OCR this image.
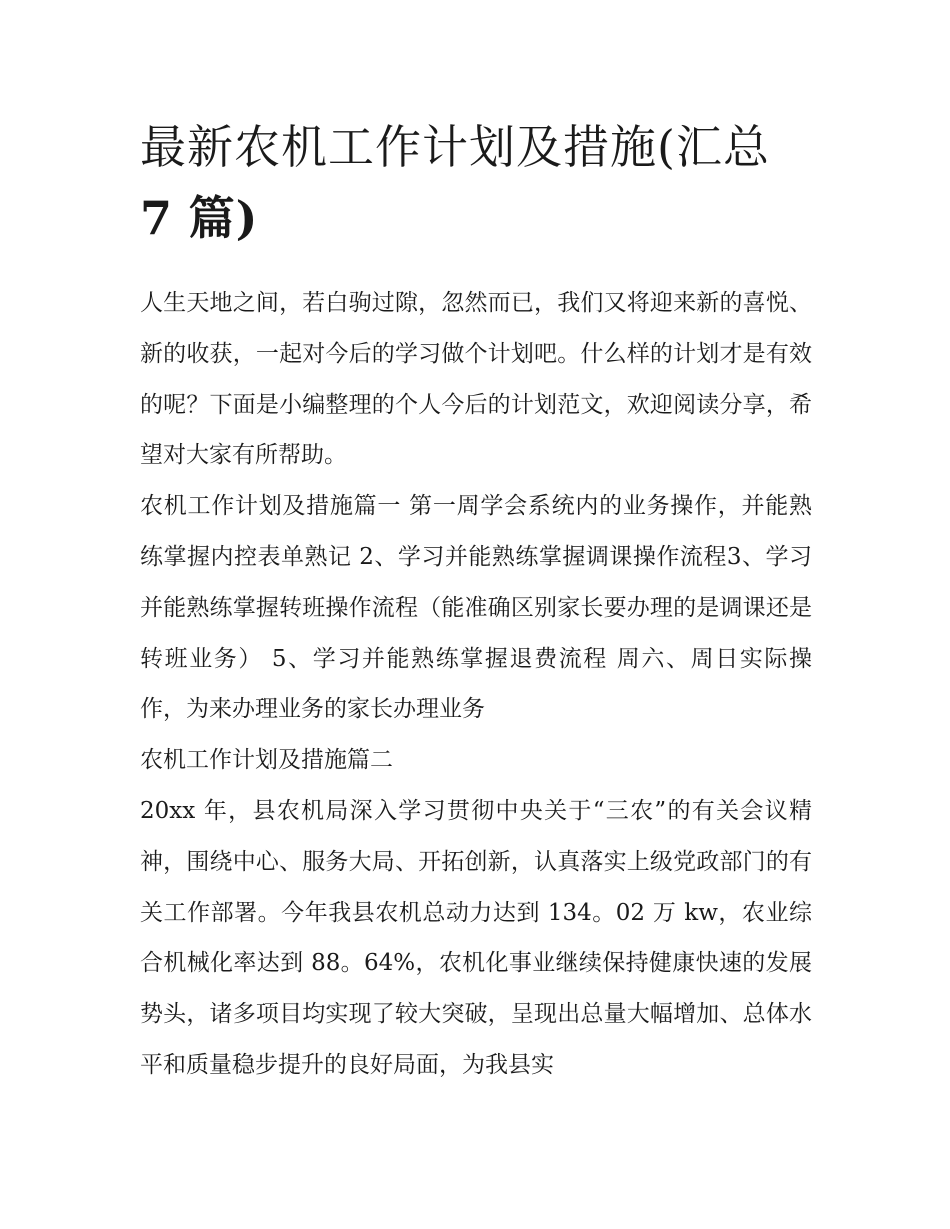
最新农机工作计划及措施(汇总
7 篇)

人生天地之间，若白驹过隙，忽然而已，我们又将迎来新的喜悦、新的收获，一起对今后的学习做个计划吧。什么样的计划才是有效的呢？下面是小编整理的个人今后的计划范文，欢迎阅读分享，希望对大家有所帮助。

农机工作计划及措施篇一 第一周学会系统内的业务操作，并能熟练掌握内控表单熟记 2、学习并能熟练掌握调课操作流程3、学习并能熟练掌握转班操作流程（能准确区别家长要办理的是调课还是转班业务） 5、学习并能熟练掌握退费流程 周六、周日实际操作，为来办理业务的家长办理业务

农机工作计划及措施篇二

20xx 年，县农机局深入学习贯彻中央关于“三农”的有关会议精神，围绕中心、服务大局、开拓创新，认真落实上级党政部门的有关工作部署。今年我县农机总动力达到 134。02 万 kw，农业综合机械化率达到 88。64%，农机化事业继续保持健康快速的发展势头，诸多项目均实现了较大突破，呈现出总量大幅增加、总体水平和质量稳步提升的良好局面，为我县实
